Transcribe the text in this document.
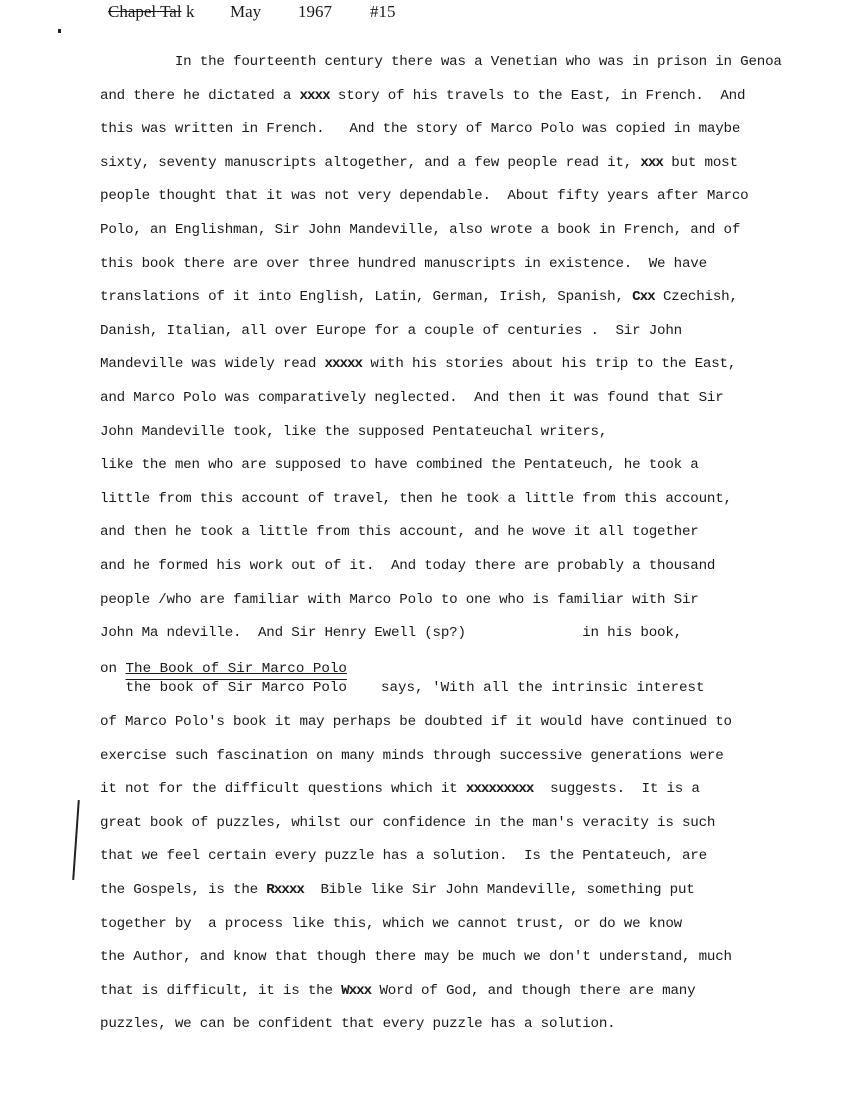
Chapel Tal

k

May

1967

#15

In the fourteenth century there was a Venetian who was in prison in Genoa
and there he dictated a xxxx story of his travels to the East, in French.  And
this was written in French.   And the story of Marco Polo was copied in maybe
sixty, seventy manuscripts altogether, and a few people read it, xxx but most
people thought that it was not very dependable.  About fifty years after Marco
Polo, an Englishman, Sir John Mandeville, also wrote a book in French, and of
this book there are over three hundred manuscripts in existence.  We have
translations of it into English, Latin, German, Irish, Spanish, Cxx Czechish,
Danish, Italian, all over Europe for a couple of centuries .  Sir John
Mandeville was widely read xxxxx with his stories about his trip to the East,
and Marco Polo was comparatively neglected.  And then it was found that Sir
John Mandeville took, like the supposed Pentateuchal writers,
like the men who are supposed to have combined the Pentateuch, he took a
little from this account of travel, then he took a little from this account,
and then he took a little from this account, and he wove it all together
and he formed his work out of it.  And today there are probably a thousand
people /who are familiar with Marco Polo to one who is familiar with Sir
John Ma ndeville.  And Sir Henry Ewell (sp?)              in his book,
on The Book of Sir Marco Polo
the book of Sir Marco Polo says, 'With all the intrinsic interest
of Marco Polo's book it may perhaps be doubted if it would have continued to
exercise such fascination on many minds through successive generations were
it not for the difficult questions which it xxxxxxxxx  suggests.  It is a
great book of puzzles, whilst our confidence in the man's veracity is such
that we feel certain every puzzle has a solution.  Is the Pentateuch, are
the Gospels, is the Rxxxx  Bible like Sir John Mandeville, something put
together by  a process like this, which we cannot trust, or do we know
the Author, and know that though there may be much we don't understand, much
that is difficult, it is the Wxxx Word of God, and though there are many
puzzles, we can be confident that every puzzle has a solution.
